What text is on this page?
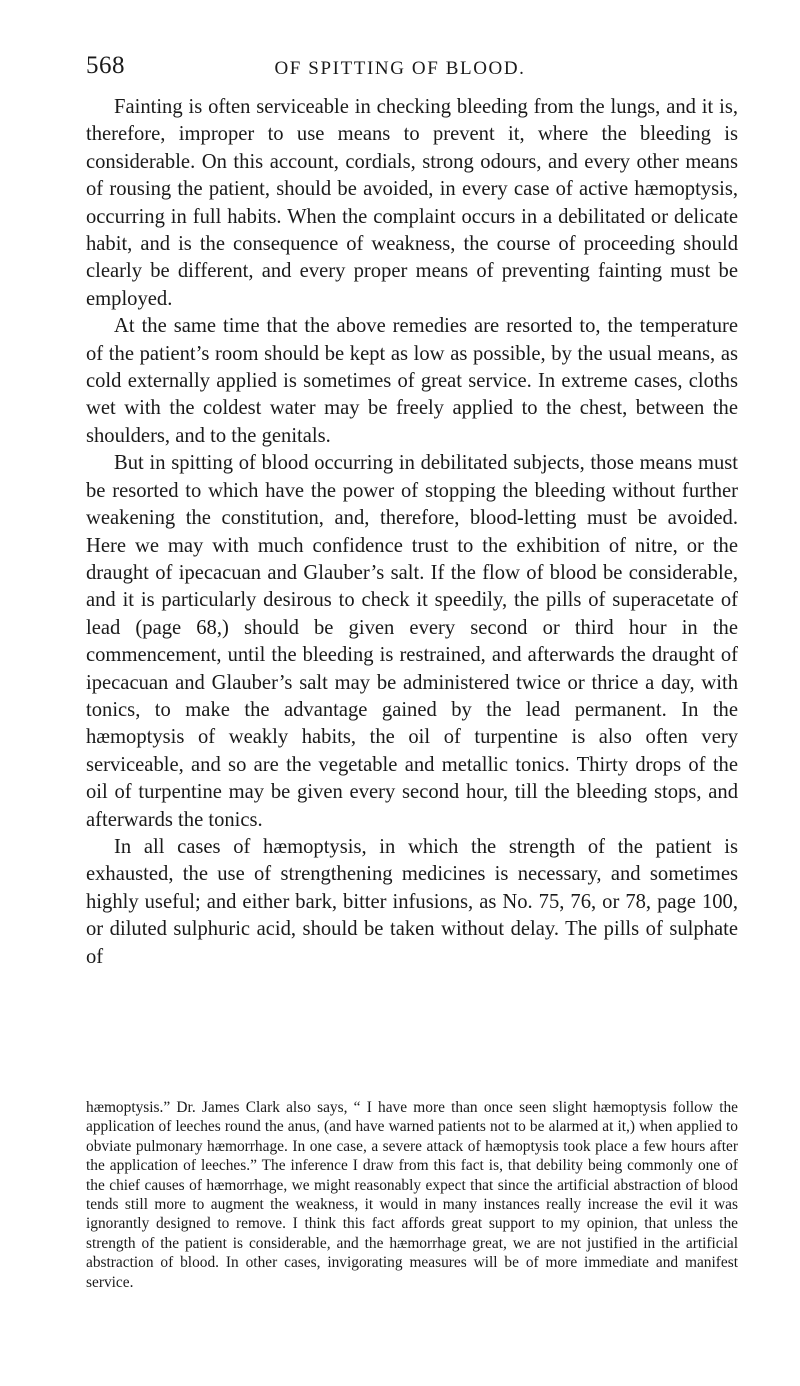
568	OF SPITTING OF BLOOD.

Fainting is often serviceable in checking bleeding from the lungs, and it is, therefore, improper to use means to prevent it, where the bleeding is considerable. On this account, cordials, strong odours, and every other means of rousing the patient, should be avoided, in every case of active hæmoptysis, occurring in full habits. When the complaint occurs in a debilitated or delicate habit, and is the consequence of weakness, the course of proceeding should clearly be different, and every proper means of preventing fainting must be employed.

At the same time that the above remedies are resorted to, the temperature of the patient’s room should be kept as low as possible, by the usual means, as cold externally applied is sometimes of great service. In extreme cases, cloths wet with the coldest water may be freely applied to the chest, between the shoulders, and to the genitals.

But in spitting of blood occurring in debilitated subjects, those means must be resorted to which have the power of stopping the bleeding without further weakening the constitution, and, therefore, blood-letting must be avoided. Here we may with much confidence trust to the exhibition of nitre, or the draught of ipecacuan and Glauber’s salt. If the flow of blood be considerable, and it is particularly desirous to check it speedily, the pills of superacetate of lead (page 68,) should be given every second or third hour in the commencement, until the bleeding is restrained, and afterwards the draught of ipecacuan and Glauber’s salt may be administered twice or thrice a day, with tonics, to make the advantage gained by the lead permanent. In the hæmoptysis of weakly habits, the oil of turpentine is also often very serviceable, and so are the vegetable and metallic tonics. Thirty drops of the oil of turpentine may be given every second hour, till the bleeding stops, and afterwards the tonics.

In all cases of hæmoptysis, in which the strength of the patient is exhausted, the use of strengthening medicines is necessary, and sometimes highly useful; and either bark, bitter infusions, as No. 75, 76, or 78, page 100, or diluted sulphuric acid, should be taken without delay. The pills of sulphate of

hæmoptysis.” Dr. James Clark also says, “ I have more than once seen slight hæmoptysis follow the application of leeches round the anus, (and have warned patients not to be alarmed at it,) when applied to obviate pulmonary hæmorrhage. In one case, a severe attack of hæmoptysis took place a few hours after the application of leeches.” The inference I draw from this fact is, that debility being commonly one of the chief causes of hæmorrhage, we might reasonably expect that since the artificial abstraction of blood tends still more to augment the weakness, it would in many instances really increase the evil it was ignorantly designed to remove. I think this fact affords great support to my opinion, that unless the strength of the patient is considerable, and the hæmorrhage great, we are not justified in the artificial abstraction of blood. In other cases, invigorating measures will be of more immediate and manifest service.
